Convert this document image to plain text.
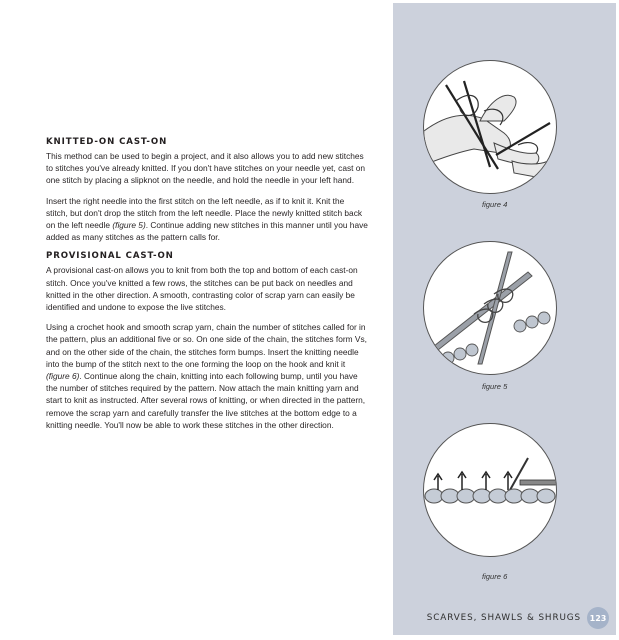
KNITTED-ON CAST-ON

This method can be used to begin a project, and it also allows you to add new stitches to stitches you've already knitted. If you don't have stitches on your needle yet, cast on one stitch by placing a slipknot on the needle, and hold the needle in your left hand.

Insert the right needle into the first stitch on the left needle, as if to knit it. Knit the stitch, but don't drop the stitch from the left needle. Place the newly knitted stitch back on the left needle (figure 5). Continue adding new stitches in this manner until you have added as many stitches as the pattern calls for.

PROVISIONAL CAST-ON

A provisional cast-on allows you to knit from both the top and bottom of each cast-on stitch. Once you've knitted a few rows, the stitches can be put back on needles and knitted in the other direction. A smooth, contrasting color of scrap yarn can easily be identified and undone to expose the live stitches.

Using a crochet hook and smooth scrap yarn, chain the number of stitches called for in the pattern, plus an additional five or so. On one side of the chain, the stitches form Vs, and on the other side of the chain, the stitches form bumps. Insert the knitting needle into the bump of the stitch next to the one forming the loop on the hook and knit it (figure 6). Continue along the chain, knitting into each following bump, until you have the number of stitches required by the pattern. Now attach the main knitting yarn and start to knit as instructed. After several rows of knitting, or when directed in the pattern, remove the scrap yarn and carefully transfer the live stitches at the bottom edge to a knitting needle. You'll now be able to work these stitches in the other direction.

figure 4
figure 5
figure 6
SCARVES, SHAWLS & SHRUGS	123
